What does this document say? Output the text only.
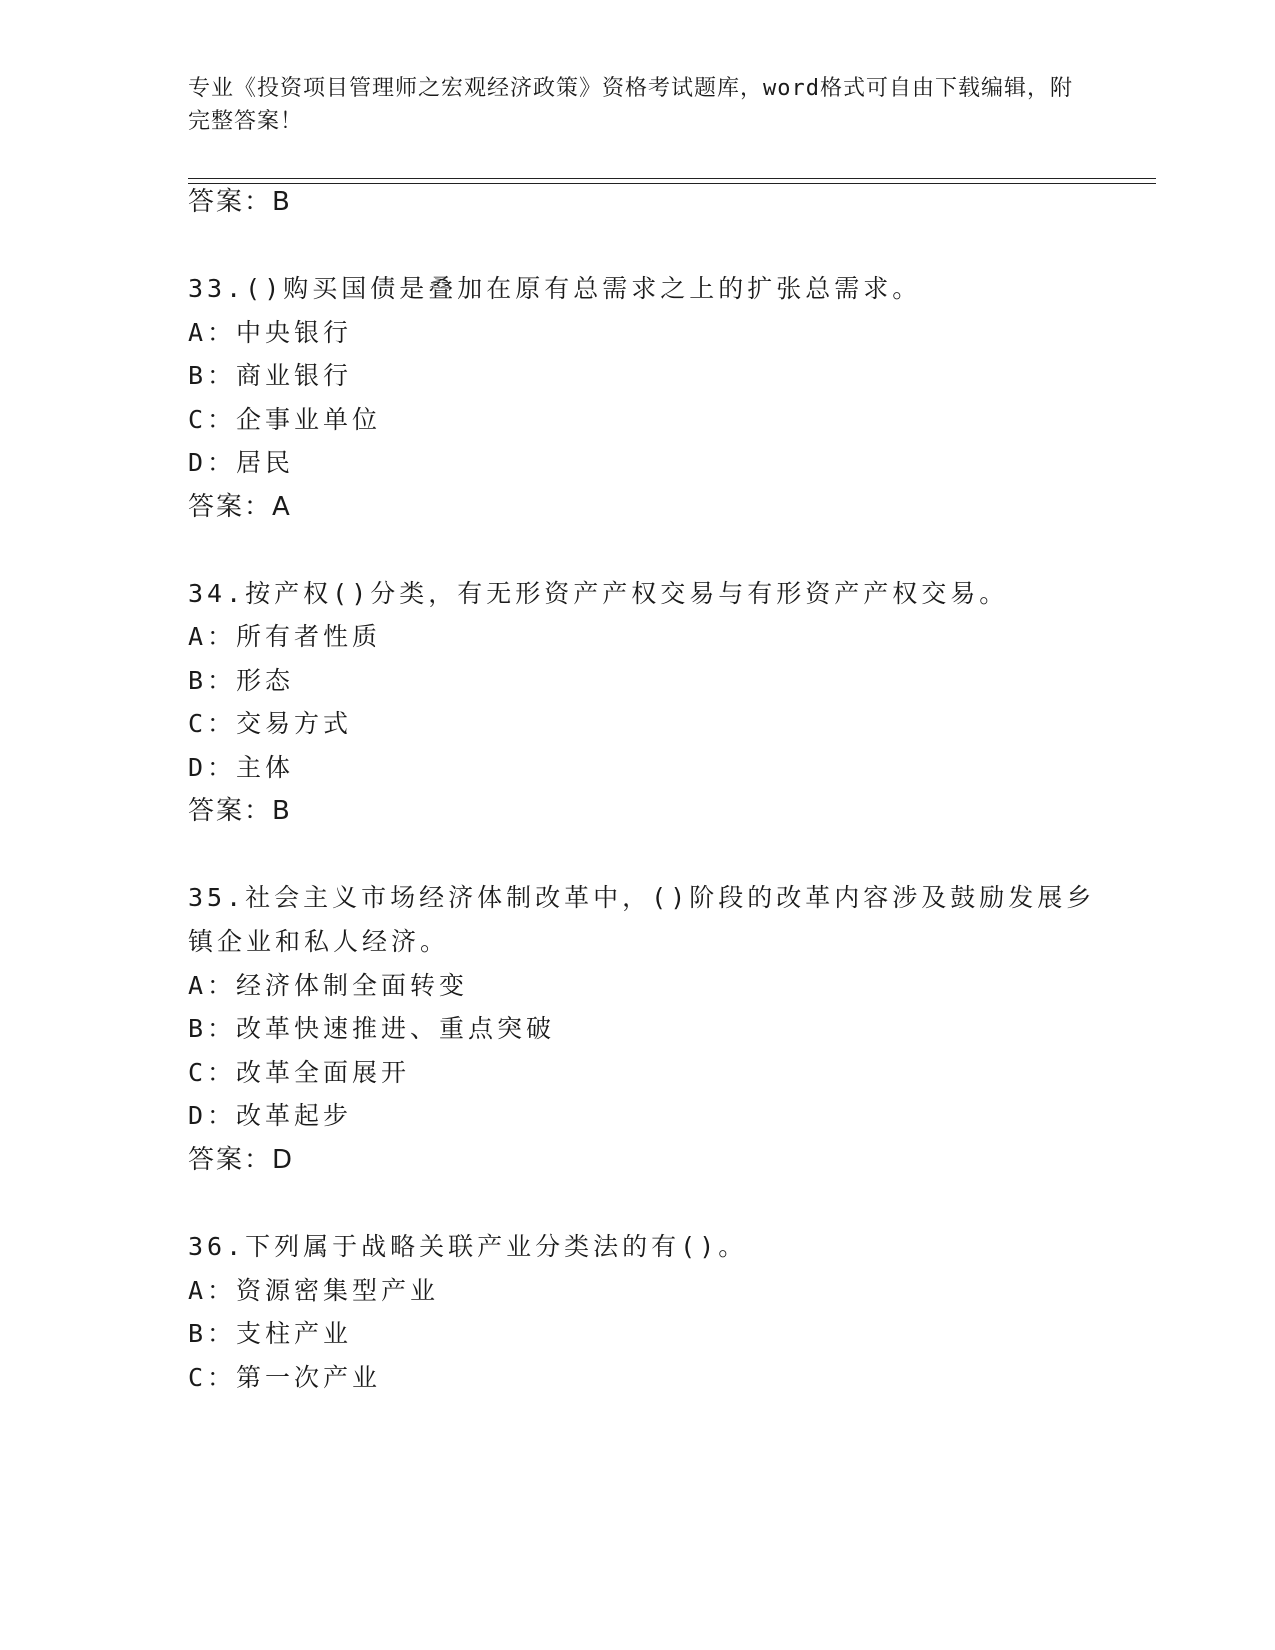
专业《投资项目管理师之宏观经济政策》资格考试题库，word格式可自由下载编辑，附完整答案！
答案：B
33.()购买国债是叠加在原有总需求之上的扩张总需求。
A：中央银行
B：商业银行
C：企事业单位
D：居民
答案：A
34.按产权()分类，有无形资产产权交易与有形资产产权交易。
A：所有者性质
B：形态
C：交易方式
D：主体
答案：B
35.社会主义市场经济体制改革中，()阶段的改革内容涉及鼓励发展乡
镇企业和私人经济。
A：经济体制全面转变
B：改革快速推进、重点突破
C：改革全面展开
D：改革起步
答案：D
36.下列属于战略关联产业分类法的有()。
A：资源密集型产业
B：支柱产业
C：第一次产业
